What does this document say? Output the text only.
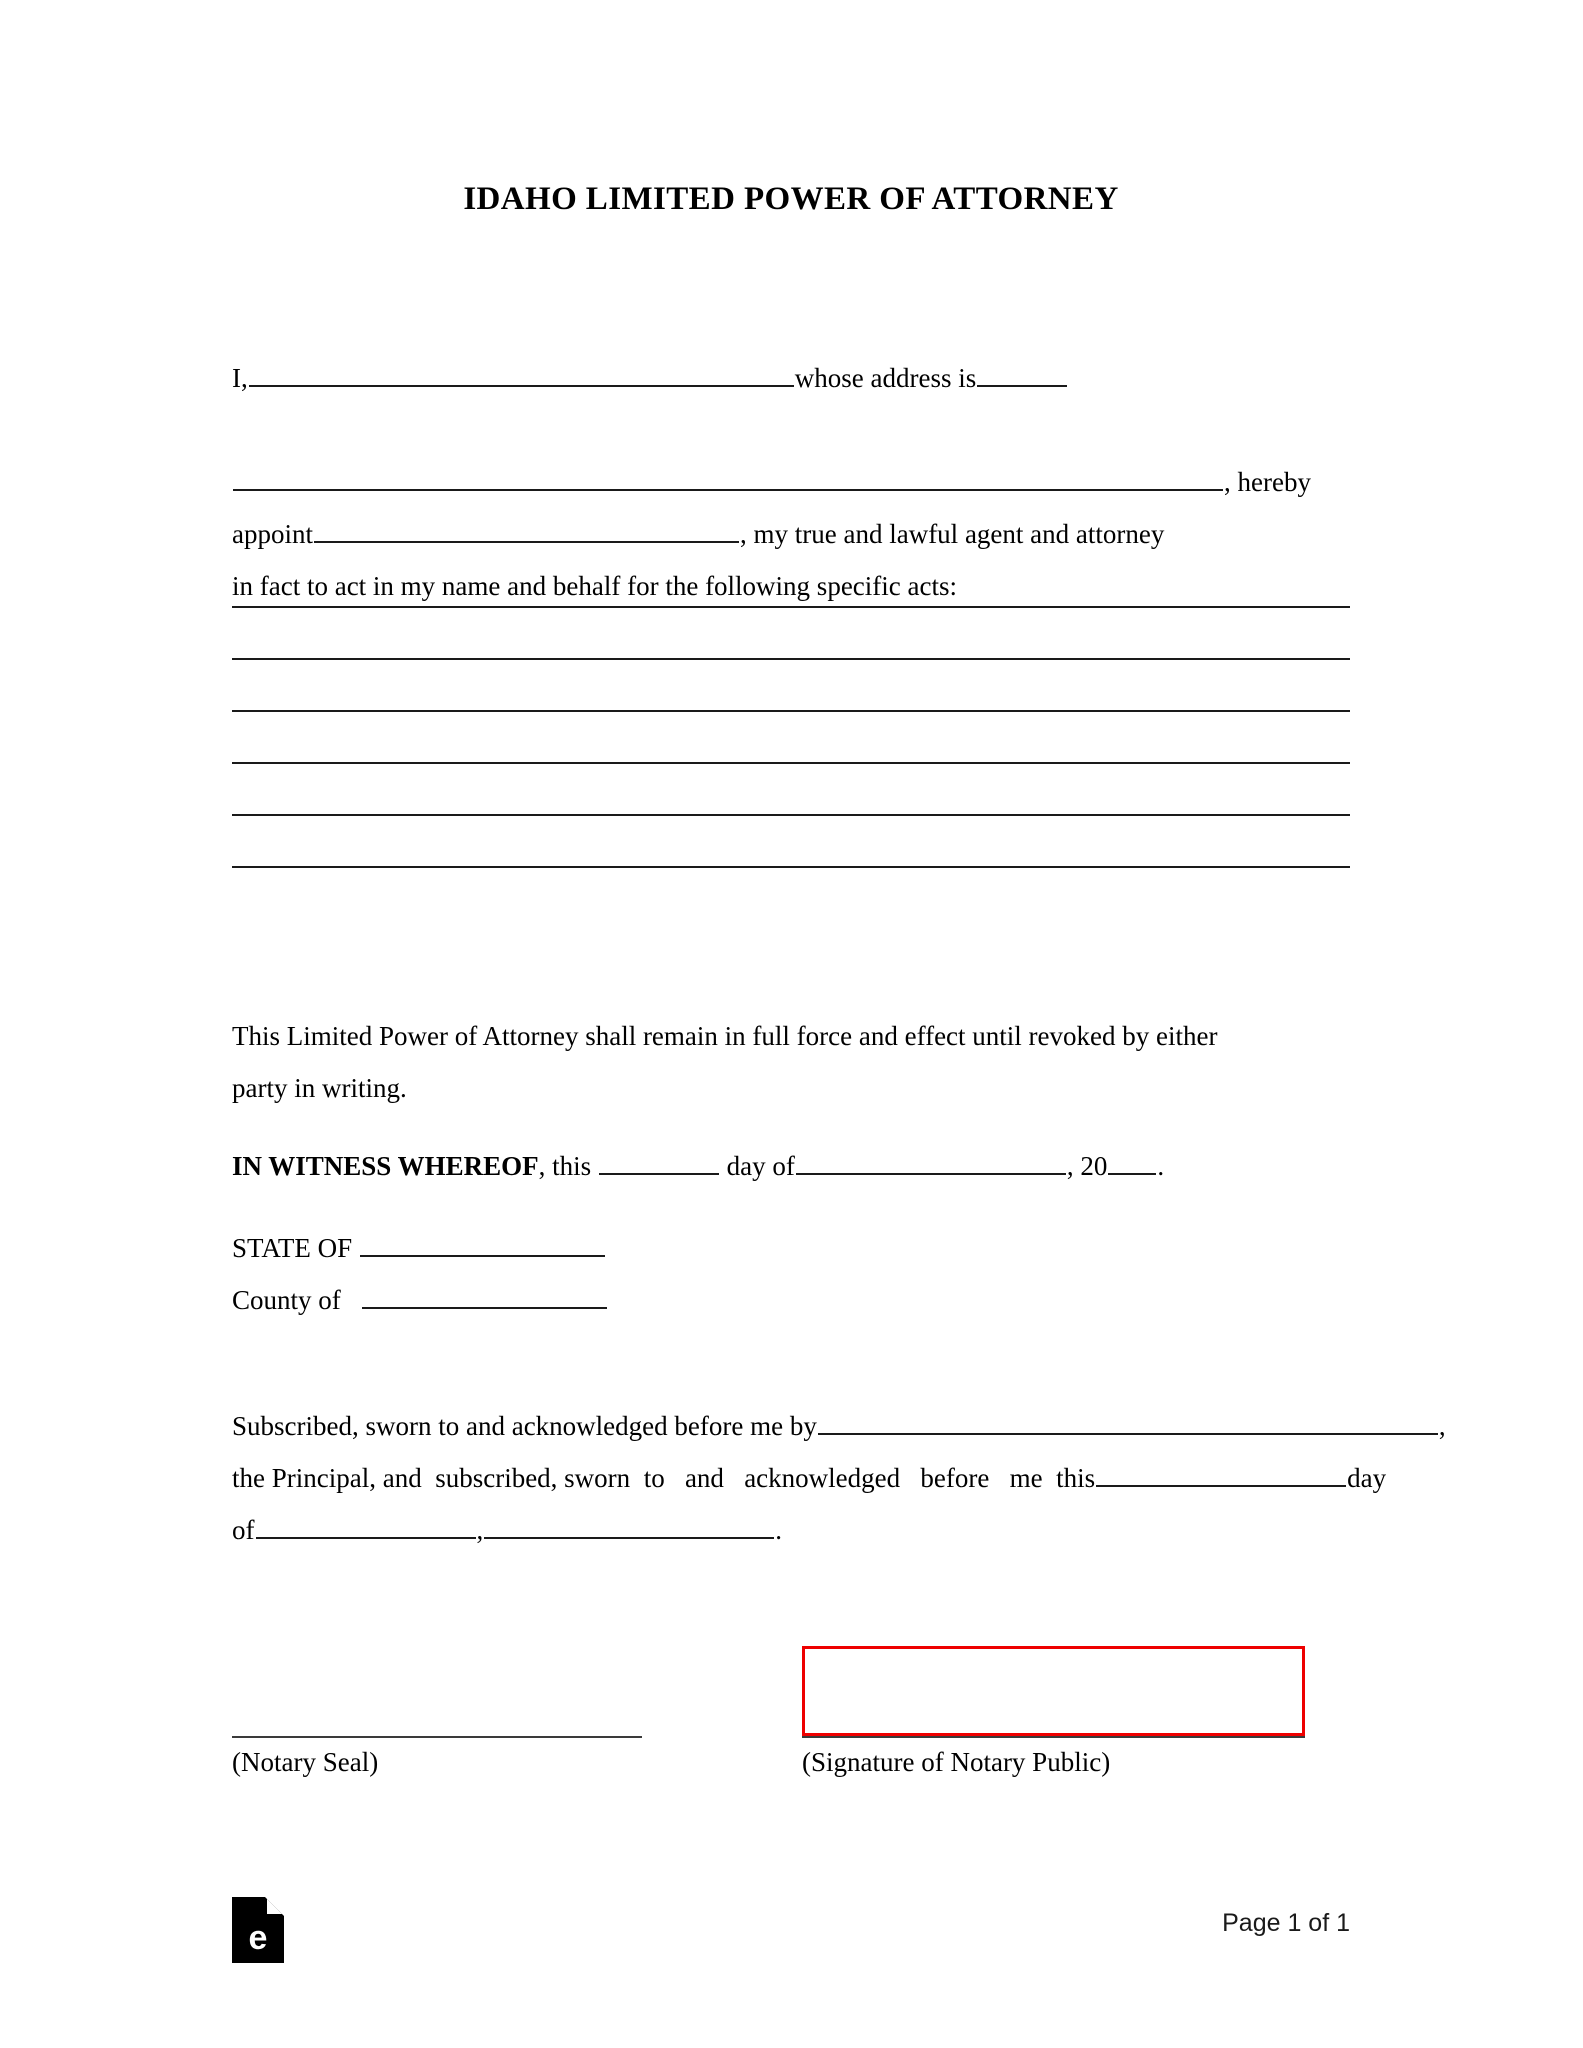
IDAHO LIMITED POWER OF ATTORNEY
I,	whose address is

, hereby
appoint	, my true and lawful agent and attorney
in fact to act in my name and behalf for the following specific acts:
This Limited Power of Attorney shall remain in full force and effect until revoked by either
party in writing.
IN WITNESS WHEREOF, this	day of	, 20 .
STATE OF
County of
Subscribed, sworn to and acknowledged before me by	,
the Principal, and subscribed, sworn to and acknowledged before me this	day
of	,	.
(Notary Seal)	(Signature of Notary Public)
e	Page 1 of 1
